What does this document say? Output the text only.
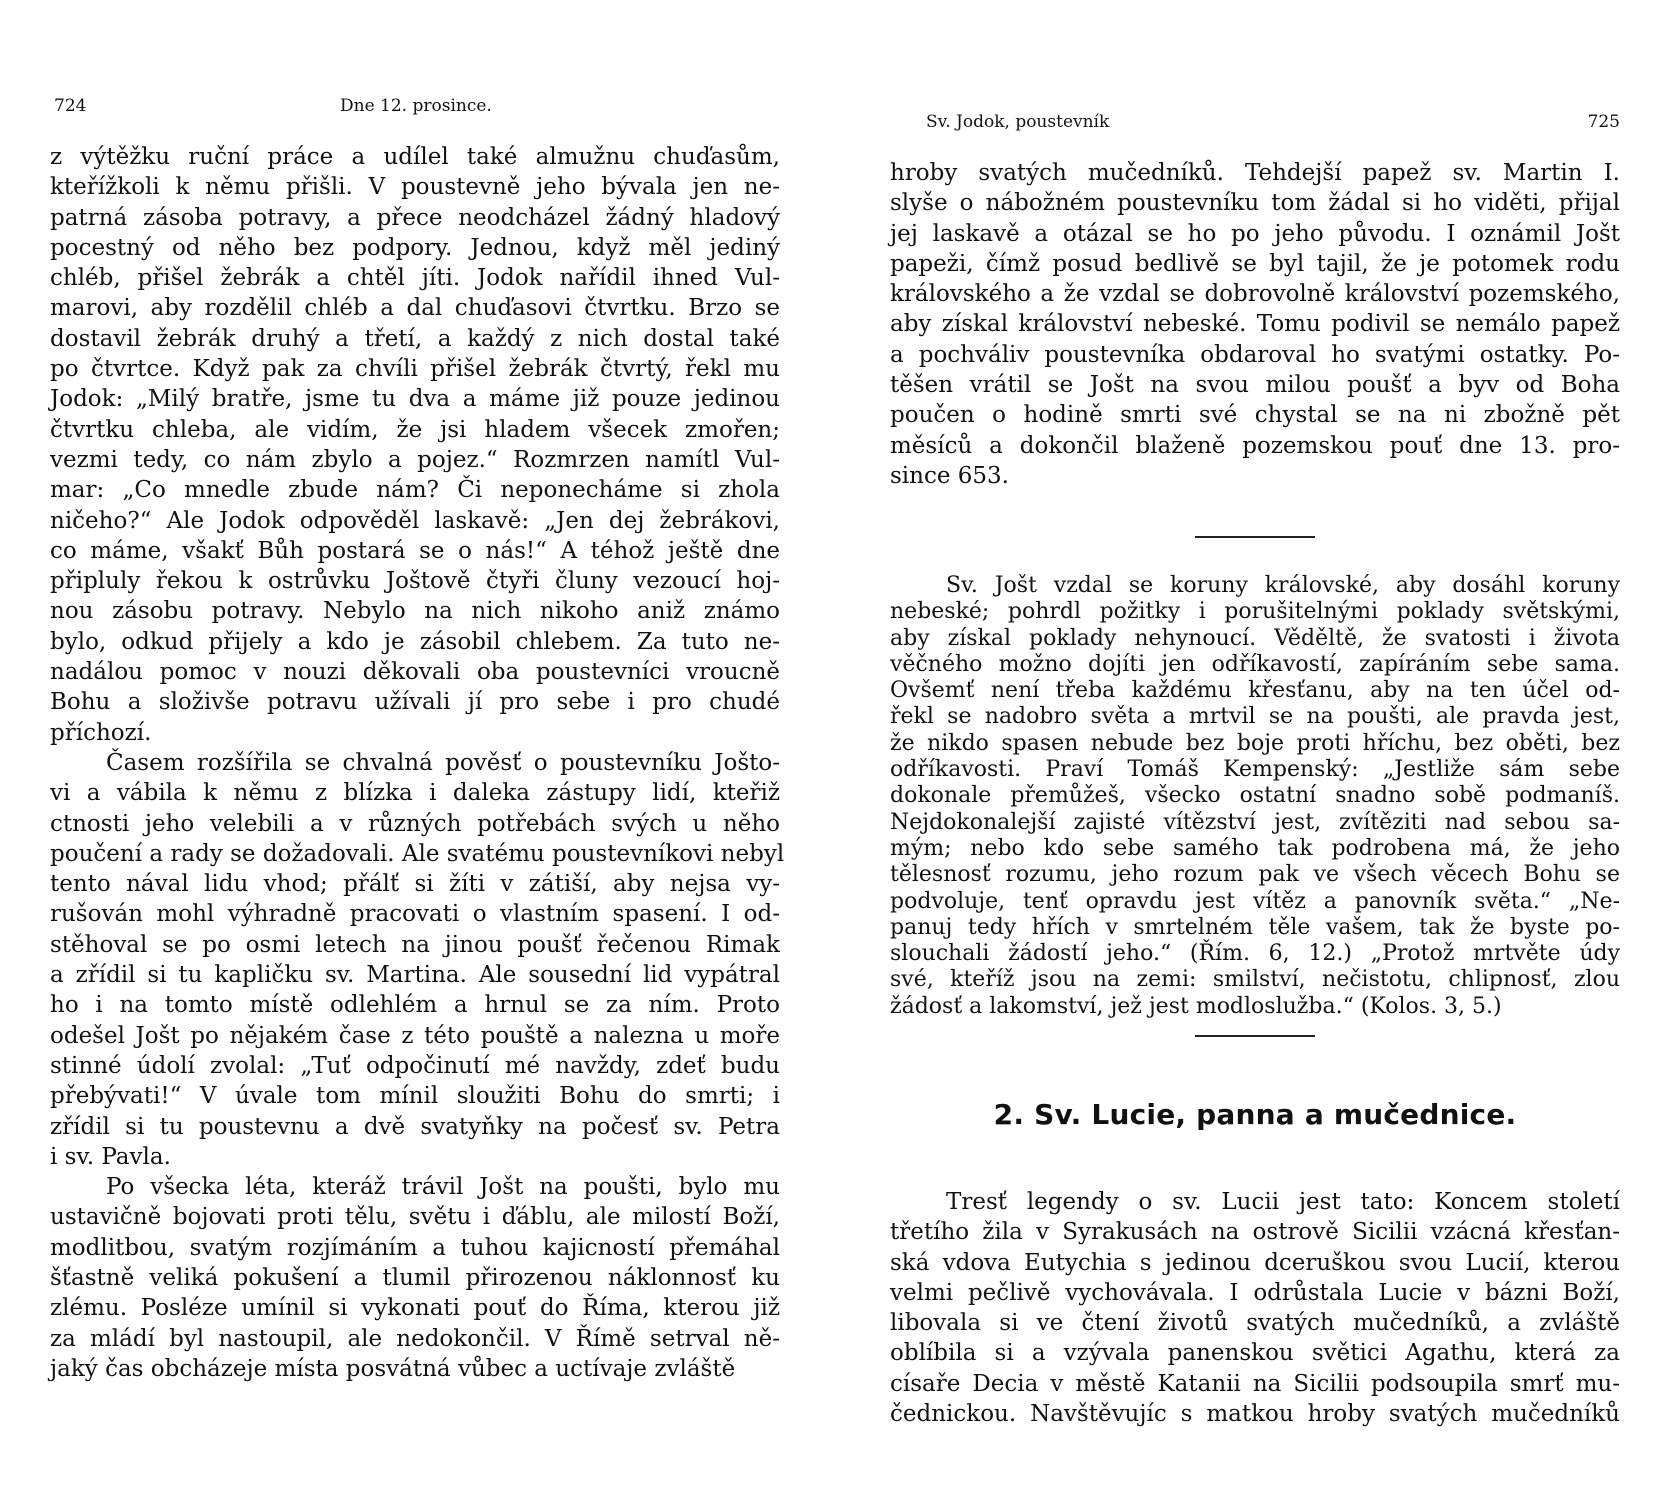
724	Dne 12. prosince.
z výtěžku ruční práce a udílel také almužnu chuďasům,
kteřížkoli k němu přišli. V poustevně jeho bývala jen ne-
patrná zásoba potravy, a přece neodcházel žádný hladový
pocestný od něho bez podpory. Jednou, když měl jediný
chléb, přišel žebrák a chtěl jíti. Jodok nařídil ihned Vul-
marovi, aby rozdělil chléb a dal chuďasovi čtvrtku. Brzo se
dostavil žebrák druhý a třetí, a každý z nich dostal také
po čtvrtce. Když pak za chvíli přišel žebrák čtvrtý, řekl mu
Jodok: „Milý bratře, jsme tu dva a máme již pouze jedinou
čtvrtku chleba, ale vidím, že jsi hladem všecek zmořen;
vezmi tedy, co nám zbylo a pojez.“ Rozmrzen namítl Vul-
mar: „Co mnedle zbude nám? Či neponecháme si zhola
ničeho?“ Ale Jodok odpověděl laskavě: „Jen dej žebrákovi,
co máme, všakť Bůh postará se o nás!“ A téhož ještě dne
připluly řekou k ostrůvku Joštově čtyři čluny vezoucí hoj-
nou zásobu potravy. Nebylo na nich nikoho aniž známo
bylo, odkud přijely a kdo je zásobil chlebem. Za tuto ne-
nadálou pomoc v nouzi děkovali oba poustevníci vroucně
Bohu a složivše potravu užívali jí pro sebe i pro chudé
příchozí.
Časem rozšířila se chvalná pověsť o poustevníku Jošto-
vi a vábila k němu z blízka i daleka zástupy lidí, kteřiž
ctnosti jeho velebili a v různých potřebách svých u něho
poučení a rady se dožadovali. Ale svatému poustevníkovi nebyl
tento nával lidu vhod; přálť si žíti v zátiší, aby nejsa vy-
rušován mohl výhradně pracovati o vlastním spasení. I od-
stěhoval se po osmi letech na jinou poušť řečenou Rimak
a zřídil si tu kapličku sv. Martina. Ale sousední lid vypátral
ho i na tomto místě odlehlém a hrnul se za ním. Proto
odešel Jošt po nějakém čase z této pouště a nalezna u moře
stinné údolí zvolal: „Tuť odpočinutí mé navždy, zdeť budu
přebývati!“ V úvale tom mínil sloužiti Bohu do smrti; i
zřídil si tu poustevnu a dvě svatyňky na počesť sv. Petra
i sv. Pavla.
Po všecka léta, kteráž trávil Jošt na poušti, bylo mu
ustavičně bojovati proti tělu, světu i ďáblu, ale milostí Boží,
modlitbou, svatým rozjímáním a tuhou kajicností přemáhal
šťastně veliká pokušení a tlumil přirozenou náklonnosť ku
zlému. Posléze umínil si vykonati pouť do Říma, kterou již
za mládí byl nastoupil, ale nedokončil. V Římě setrval ně-
jaký čas obcházeje místa posvátná vůbec a uctívaje zvláště
Sv. Jodok, poustevník	725
hroby svatých mučedníků. Tehdejší papež sv. Martin I.
slyše o nábožném poustevníku tom žádal si ho viděti, přijal
jej laskavě a otázal se ho po jeho původu. I oznámil Jošt
papeži, čímž posud bedlivě se byl tajil, že je potomek rodu
královského a že vzdal se dobrovolně království pozemského,
aby získal království nebeské. Tomu podivil se nemálo papež
a pochváliv poustevníka obdaroval ho svatými ostatky. Po-
těšen vrátil se Jošt na svou milou poušť a byv od Boha
poučen o hodině smrti své chystal se na ni zbožně pět
měsíců a dokončil blaženě pozemskou pouť dne 13. pro-
since 653.
Sv. Jošt vzdal se koruny královské, aby dosáhl koruny
nebeské; pohrdl požitky i porušitelnými poklady světskými,
aby získal poklady nehynoucí. Věděltě, že svatosti i života
věčného možno dojíti jen odříkavostí, zapíráním sebe sama.
Ovšemť není třeba každému křesťanu, aby na ten účel od-
řekl se nadobro světa a mrtvil se na poušti, ale pravda jest,
že nikdo spasen nebude bez boje proti hříchu, bez oběti, bez
odříkavosti. Praví Tomáš Kempenský: „Jestliže sám sebe
dokonale přemůžeš, všecko ostatní snadno sobě podmaníš.
Nejdokonalejší zajisté vítězství jest, zvítěziti nad sebou sa-
mým; nebo kdo sebe samého tak podrobena má, že jeho
tělesnosť rozumu, jeho rozum pak ve všech věcech Bohu se
podvoluje, tenť opravdu jest vítěz a panovník světa.“ „Ne-
panuj tedy hřích v smrtelném těle vašem, tak že byste po-
slouchali žádostí jeho.“ (Řím. 6, 12.) „Protož mrtvěte údy
své, kteříž jsou na zemi: smilství, nečistotu, chlipnosť, zlou
žádosť a lakomství, jež jest modloslužba.“ (Kolos. 3, 5.)
2. Sv. Lucie, panna a mučednice.
Tresť legendy o sv. Lucii jest tato: Koncem století
třetího žila v Syrakusách na ostrově Sicilii vzácná křesťan-
ská vdova Eutychia s jedinou dceruškou svou Lucií, kterou
velmi pečlivě vychovávala. I odrůstala Lucie v bázni Boží,
libovala si ve čtení životů svatých mučedníků, a zvláště
oblíbila si a vzývala panenskou světici Agathu, která za
císaře Decia v městě Katanii na Sicilii podsoupila smrť mu-
čednickou. Navštěvujíc s matkou hroby svatých mučedníků
